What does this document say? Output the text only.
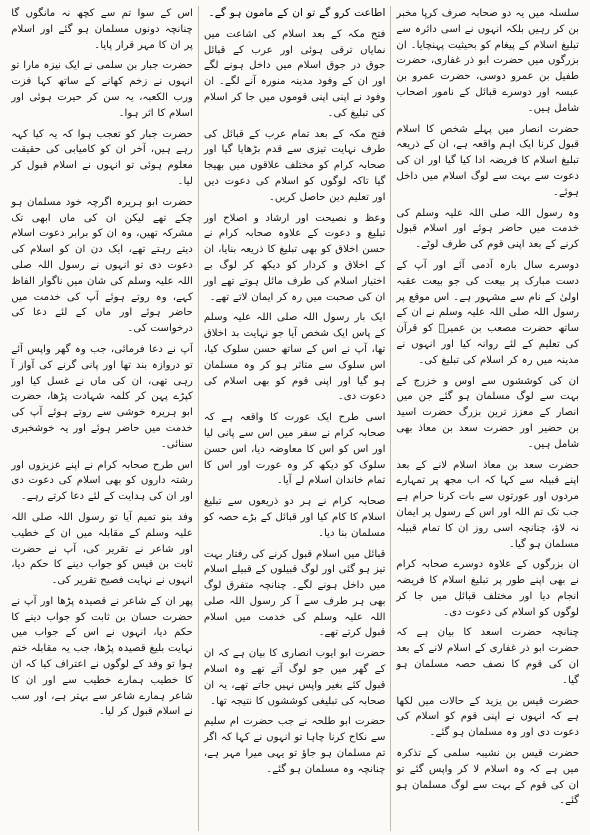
سلسلہ میں یہ دو صحابہ صرف کرپا مخبر بن کر رہیں بلکہ انہوں نے اسی دائرہ سے تبلیغ اسلام کے پیغام کو بحیثیت پہنچایا۔ ان بزرگوں میں حضرت ابو ذر غفاری، حضرت طفیل بن عمرو دوسی، حضرت عمرو بن عبسہ اور دوسرے قبائل کے نامور اصحاب شامل ہیں۔

حضرت انصار میں پہلے شخص کا اسلام قبول کرنا ایک اہم واقعہ ہے، ان کے ذریعہ تبلیغ اسلام کا فریضہ ادا کیا گیا اور ان کی دعوت سے بہت سے لوگ اسلام میں داخل ہوئے۔

وہ رسول اللہ صلی اللہ علیہ وسلم کی خدمت میں حاضر ہوئے اور اسلام قبول کرنے کے بعد اپنی قوم کی طرف لوٹے۔

دوسرے سال بارہ آدمی آئے اور آپ کے دست مبارک پر بیعت کی جو بیعت عقبہ اولیٰ کے نام سے مشہور ہے۔ اس موقع پر رسول اللہ صلی اللہ علیہ وسلم نے ان کے ساتھ حضرت مصعب بن عمیرؓ کو قرآن کی تعلیم کے لئے روانہ کیا اور انہوں نے مدینہ میں رہ کر اسلام کی تبلیغ کی۔

ان کی کوششوں سے اوس و خزرج کے بہت سے لوگ مسلمان ہو گئے جن میں انصار کے معزز ترین بزرگ حضرت اسید بن حضیر اور حضرت سعد بن معاذ بھی شامل ہیں۔

حضرت سعد بن معاذ اسلام لانے کے بعد اپنے قبیلہ سے کہا کہ اب مجھ پر تمہارے مردوں اور عورتوں سے بات کرنا حرام ہے جب تک تم اللہ اور اس کے رسول پر ایمان نہ لاؤ، چنانچہ اسی روز ان کا تمام قبیلہ مسلمان ہو گیا۔

ان بزرگوں کے علاوہ دوسرے صحابہ کرام نے بھی اپنے طور پر تبلیغ اسلام کا فریضہ انجام دیا اور مختلف قبائل میں جا کر لوگوں کو اسلام کی دعوت دی۔

چنانچہ حضرت اسعد کا بیان ہے کہ حضرت ابو ذر غفاری کے اسلام لانے کے بعد ان کی قوم کا نصف حصہ مسلمان ہو گیا۔

حضرت قیس بن یزید کے حالات میں لکھا ہے کہ انہوں نے اپنی قوم کو اسلام کی دعوت دی اور وہ مسلمان ہو گئے۔

حضرت قیس بن نشیبہ سلمی کے تذکرہ میں ہے کہ وہ اسلام لا کر واپس گئے تو ان کی قوم کے بہت سے لوگ مسلمان ہو گئے۔

اطاعت کرو گے تو ان کے مامون ہو گے۔

فتح مکہ کے بعد اسلام کی اشاعت میں نمایاں ترقی ہوئی اور عرب کے قبائل جوق در جوق اسلام میں داخل ہونے لگے اور ان کے وفود مدینہ منورہ آنے لگے۔ ان وفود نے اپنی اپنی قوموں میں جا کر اسلام کی تبلیغ کی۔

فتح مکہ کے بعد تمام عرب کے قبائل کی طرف نہایت تیزی سے قدم بڑھایا گیا اور صحابہ کرام کو مختلف علاقوں میں بھیجا گیا تاکہ لوگوں کو اسلام کی دعوت دیں اور تعلیم دین حاصل کریں۔

وعظ و نصیحت اور ارشاد و اصلاح اور تبلیغ و دعوت کے علاوہ صحابہ کرام نے حسن اخلاق کو بھی تبلیغ کا ذریعہ بنایا، ان کے اخلاق و کردار کو دیکھ کر لوگ بے اختیار اسلام کی طرف مائل ہوتے تھے اور ان کی صحبت میں رہ کر ایمان لاتے تھے۔

ایک بار رسول اللہ صلی اللہ علیہ وسلم کے پاس ایک شخص آیا جو نہایت بد اخلاق تھا، آپ نے اس کے ساتھ حسن سلوک کیا، اس سلوک سے متاثر ہو کر وہ مسلمان ہو گیا اور اپنی قوم کو بھی اسلام کی دعوت دی۔

اسی طرح ایک عورت کا واقعہ ہے کہ صحابہ کرام نے سفر میں اس سے پانی لیا اور اس کو اس کا معاوضہ دیا، اس حسن سلوک کو دیکھ کر وہ عورت اور اس کا تمام خاندان اسلام لے آیا۔

صحابہ کرام نے ہر دو ذریعوں سے تبلیغ اسلام کا کام کیا اور قبائل کے بڑے حصہ کو مسلمان بنا دیا۔

قبائل میں اسلام قبول کرنے کی رفتار بہت تیز ہو گئی اور لوگ قبیلوں کے قبیلے اسلام میں داخل ہونے لگے۔ چنانچہ متفرق لوگ بھی ہر طرف سے آ کر رسول اللہ صلی اللہ علیہ وسلم کی خدمت میں اسلام قبول کرتے تھے۔

حضرت ابو ایوب انصاری کا بیان ہے کہ ان کے گھر میں جو لوگ آتے تھے وہ اسلام قبول کئے بغیر واپس نہیں جاتے تھے، یہ ان صحابہ کی تبلیغی کوششوں کا نتیجہ تھا۔

حضرت ابو طلحہ نے جب حضرت ام سلیم سے نکاح کرنا چاہا تو انہوں نے کہا کہ اگر تم مسلمان ہو جاؤ تو یہی میرا مہر ہے، چنانچہ وہ مسلمان ہو گئے۔

اس کے سوا تم سے کچھ نہ مانگوں گا چنانچہ دونوں مسلمان ہو گئے اور اسلام پر ان کا مہر قرار پایا۔

حضرت جبار بن سلمی نے ایک نیزہ مارا تو انہوں نے زخم کھانے کے ساتھ کہا فزت ورب الکعبہ، یہ سن کر حیرت ہوئی اور اسلام کا اثر ہوا۔

حضرت جبار کو تعجب ہوا کہ یہ کیا کہہ رہے ہیں، آخر ان کو کامیابی کی حقیقت معلوم ہوئی تو انہوں نے اسلام قبول کر لیا۔

حضرت ابو ہریرہ اگرچہ خود مسلمان ہو چکے تھے لیکن ان کی ماں ابھی تک مشرکہ تھیں، وہ ان کو برابر دعوت اسلام دیتے رہتے تھے، ایک دن ان کو اسلام کی دعوت دی تو انہوں نے رسول اللہ صلی اللہ علیہ وسلم کی شان میں ناگوار الفاظ کہے، وہ روتے ہوئے آپ کی خدمت میں حاضر ہوئے اور ماں کے لئے دعا کی درخواست کی۔

آپ نے دعا فرمائی، جب وہ گھر واپس آئے تو دروازہ بند تھا اور پانی گرنے کی آواز آ رہی تھی، ان کی ماں نے غسل کیا اور کپڑے پہن کر کلمہ شہادت پڑھا، حضرت ابو ہریرہ خوشی سے روتے ہوئے آپ کی خدمت میں حاضر ہوئے اور یہ خوشخبری سنائی۔

اس طرح صحابہ کرام نے اپنے عزیزوں اور رشتہ داروں کو بھی اسلام کی دعوت دی اور ان کی ہدایت کے لئے دعا کرتے رہے۔

وفد بنو تمیم آیا تو رسول اللہ صلی اللہ علیہ وسلم کے مقابلہ میں ان کے خطیب اور شاعر نے تقریر کی، آپ نے حضرت ثابت بن قیس کو جواب دینے کا حکم دیا، انہوں نے نہایت فصیح تقریر کی۔

پھر ان کے شاعر نے قصیدہ پڑھا اور آپ نے حضرت حسان بن ثابت کو جواب دینے کا حکم دیا، انہوں نے اس کے جواب میں نہایت بلیغ قصیدہ پڑھا، جب یہ مقابلہ ختم ہوا تو وفد کے لوگوں نے اعتراف کیا کہ ان کا خطیب ہمارے خطیب سے اور ان کا شاعر ہمارے شاعر سے بہتر ہے، اور سب نے اسلام قبول کر لیا۔
